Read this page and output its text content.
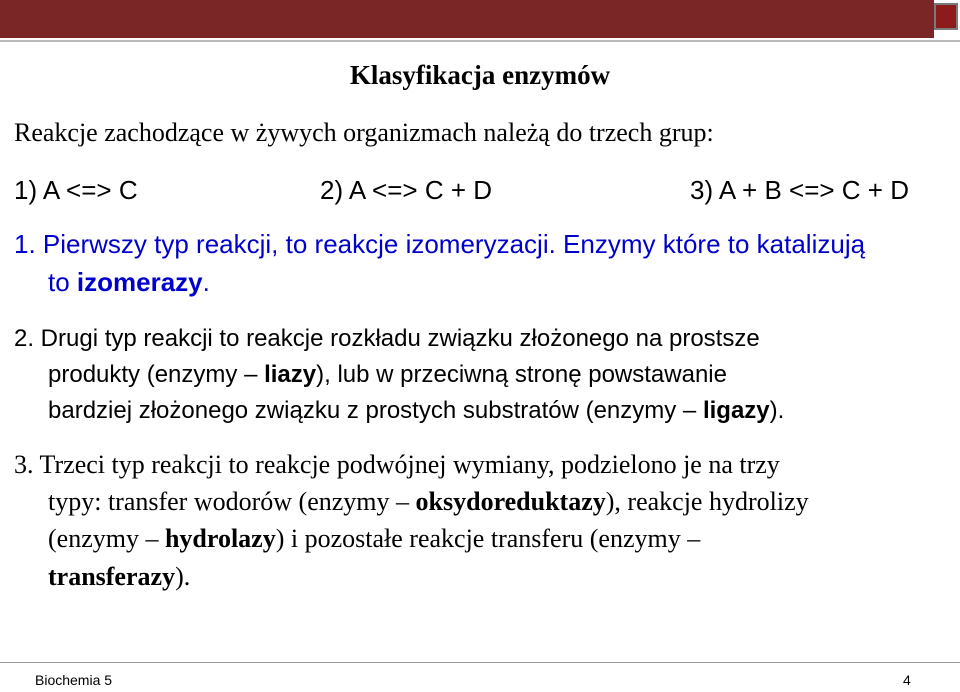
Klasyfikacja enzymów
Reakcje zachodzące w żywych organizmach należą do trzech grup:
1) A <=> C	2) A <=> C + D	3) A + B <=> C + D
1. Pierwszy typ reakcji, to reakcje izomeryzacji. Enzymy które to katalizują
to izomerazy.
2. Drugi typ reakcji to reakcje rozkładu związku złożonego na prostsze
produkty (enzymy – liazy), lub w przeciwną stronę powstawanie
bardziej złożonego związku z prostych substratów (enzymy – ligazy).
3. Trzeci typ reakcji to reakcje podwójnej wymiany, podzielono je na trzy
typy: transfer wodorów (enzymy – oksydoreduktazy), reakcje hydrolizy
(enzymy – hydrolazy) i pozostałe reakcje transferu (enzymy –
transferazy).
Biochemia 5	4
